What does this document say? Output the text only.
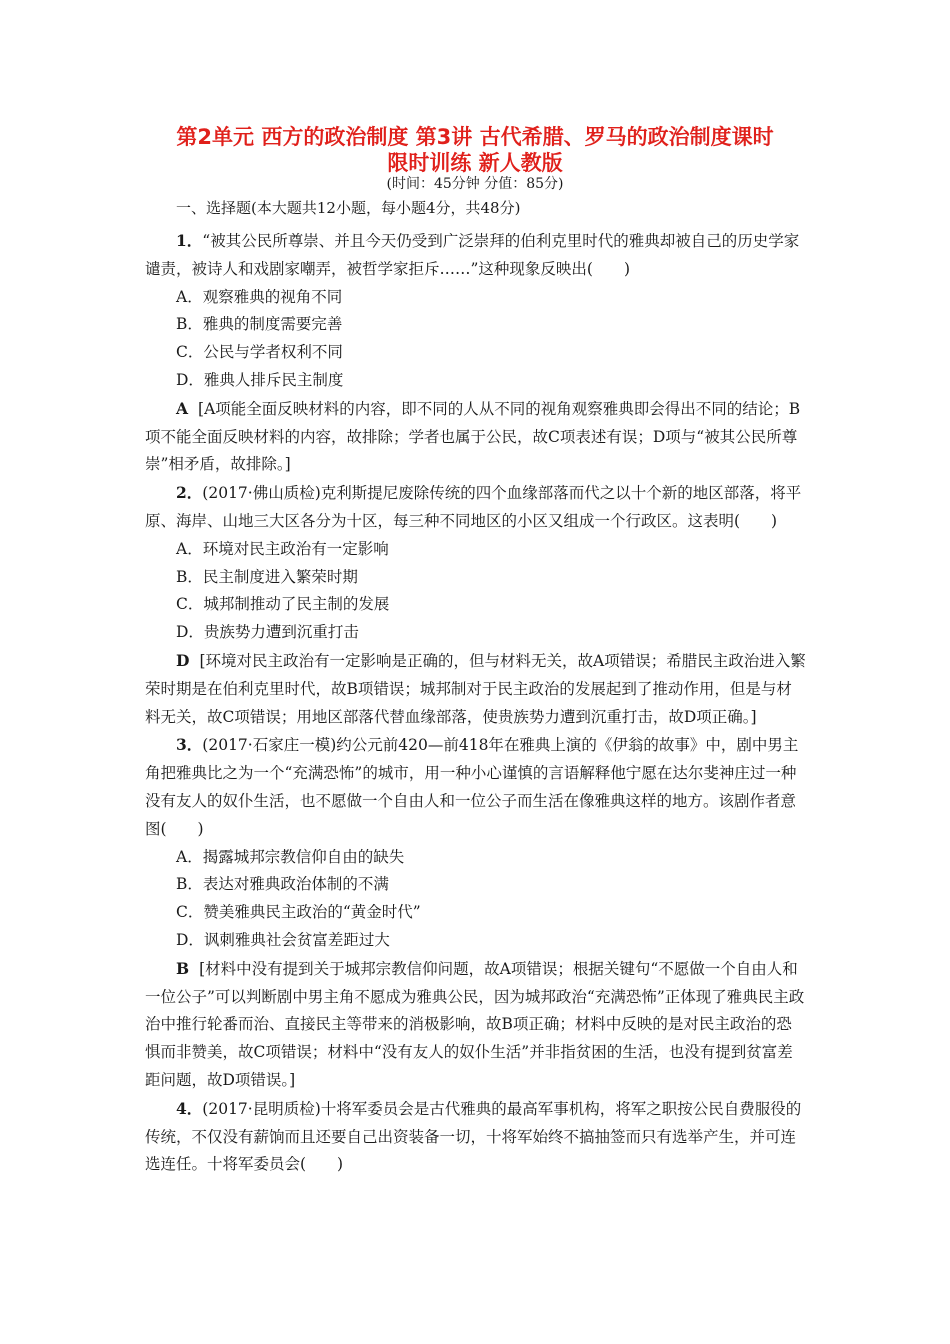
第2单元 西方的政治制度 第3讲 古代希腊、罗马的政治制度课时
限时训练 新人教版
(时间：45分钟 分值：85分)
一、选择题(本大题共12小题，每小题4分，共48分)

1．“被其公民所尊崇、并且今天仍受到广泛崇拜的伯利克里时代的雅典却被自己的历史学家谴责，被诗人和戏剧家嘲弄，被哲学家拒斥……”这种现象反映出(　　)

A．观察雅典的视角不同

B．雅典的制度需要完善

C．公民与学者权利不同

D．雅典人排斥民主制度

A [A项能全面反映材料的内容，即不同的人从不同的视角观察雅典即会得出不同的结论；B项不能全面反映材料的内容，故排除；学者也属于公民，故C项表述有误；D项与“被其公民所尊崇”相矛盾，故排除。]

2．(2017·佛山质检)克利斯提尼废除传统的四个血缘部落而代之以十个新的地区部落，将平原、海岸、山地三大区各分为十区，每三种不同地区的小区又组成一个行政区。这表明(　　)

A．环境对民主政治有一定影响

B．民主制度进入繁荣时期

C．城邦制推动了民主制的发展

D．贵族势力遭到沉重打击

D [环境对民主政治有一定影响是正确的，但与材料无关，故A项错误；希腊民主政治进入繁荣时期是在伯利克里时代，故B项错误；城邦制对于民主政治的发展起到了推动作用，但是与材料无关，故C项错误；用地区部落代替血缘部落，使贵族势力遭到沉重打击，故D项正确。]

3．(2017·石家庄一模)约公元前420—前418年在雅典上演的《伊翁的故事》中，剧中男主角把雅典比之为一个“充满恐怖”的城市，用一种小心谨慎的言语解释他宁愿在达尔斐神庄过一种没有友人的奴仆生活，也不愿做一个自由人和一位公子而生活在像雅典这样的地方。该剧作者意图(　　)

A．揭露城邦宗教信仰自由的缺失

B．表达对雅典政治体制的不满

C．赞美雅典民主政治的“黄金时代”

D．讽刺雅典社会贫富差距过大

B [材料中没有提到关于城邦宗教信仰问题，故A项错误；根据关键句“不愿做一个自由人和一位公子”可以判断剧中男主角不愿成为雅典公民，因为城邦政治“充满恐怖”正体现了雅典民主政治中推行轮番而治、直接民主等带来的消极影响，故B项正确；材料中反映的是对民主政治的恐惧而非赞美，故C项错误；材料中“没有友人的奴仆生活”并非指贫困的生活，也没有提到贫富差距问题，故D项错误。]

4．(2017·昆明质检)十将军委员会是古代雅典的最高军事机构，将军之职按公民自费服役的传统，不仅没有薪饷而且还要自己出资装备一切，十将军始终不搞抽签而只有选举产生，并可连选连任。十将军委员会(　　)
